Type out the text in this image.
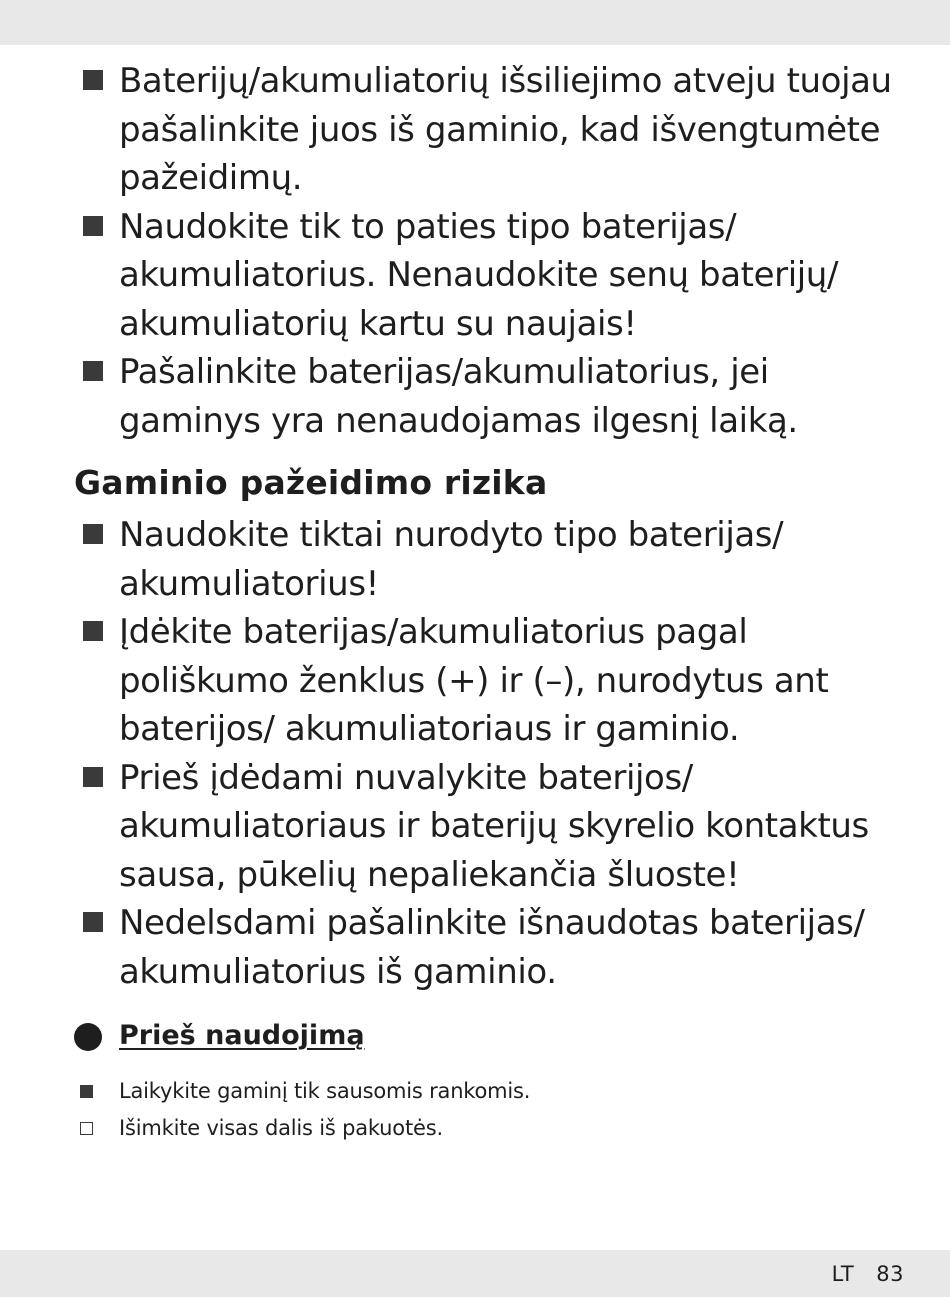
Baterijų/akumuliatorių išsiliejimo atveju tuojau pašalinkite juos iš gaminio, kad išvengtumėte pažeidimų.
Naudokite tik to paties tipo baterijas/ akumuliatorius. Nenaudokite senų baterijų/ akumuliatorių kartu su naujais!
Pašalinkite baterijas/akumuliatorius, jei gaminys yra nenaudojamas ilgesnį laiką.
Gaminio pažeidimo rizika
Naudokite tiktai nurodyto tipo baterijas/ akumuliatorius!
Įdėkite baterijas/akumuliatorius pagal poliškumo ženklus (+) ir (–), nurodytus ant baterijos/ akumuliatoriaus ir gaminio.
Prieš įdėdami nuvalykite baterijos/ akumuliatoriaus ir baterijų skyrelio kontaktus sausa, pūkelių nepaliekančia šluoste!
Nedelsdami pašalinkite išnaudotas baterijas/ akumuliatorius iš gaminio.
Prieš naudojimą
Laikykite gaminį tik sausomis rankomis.
Išimkite visas dalis iš pakuotės.
LT 83
